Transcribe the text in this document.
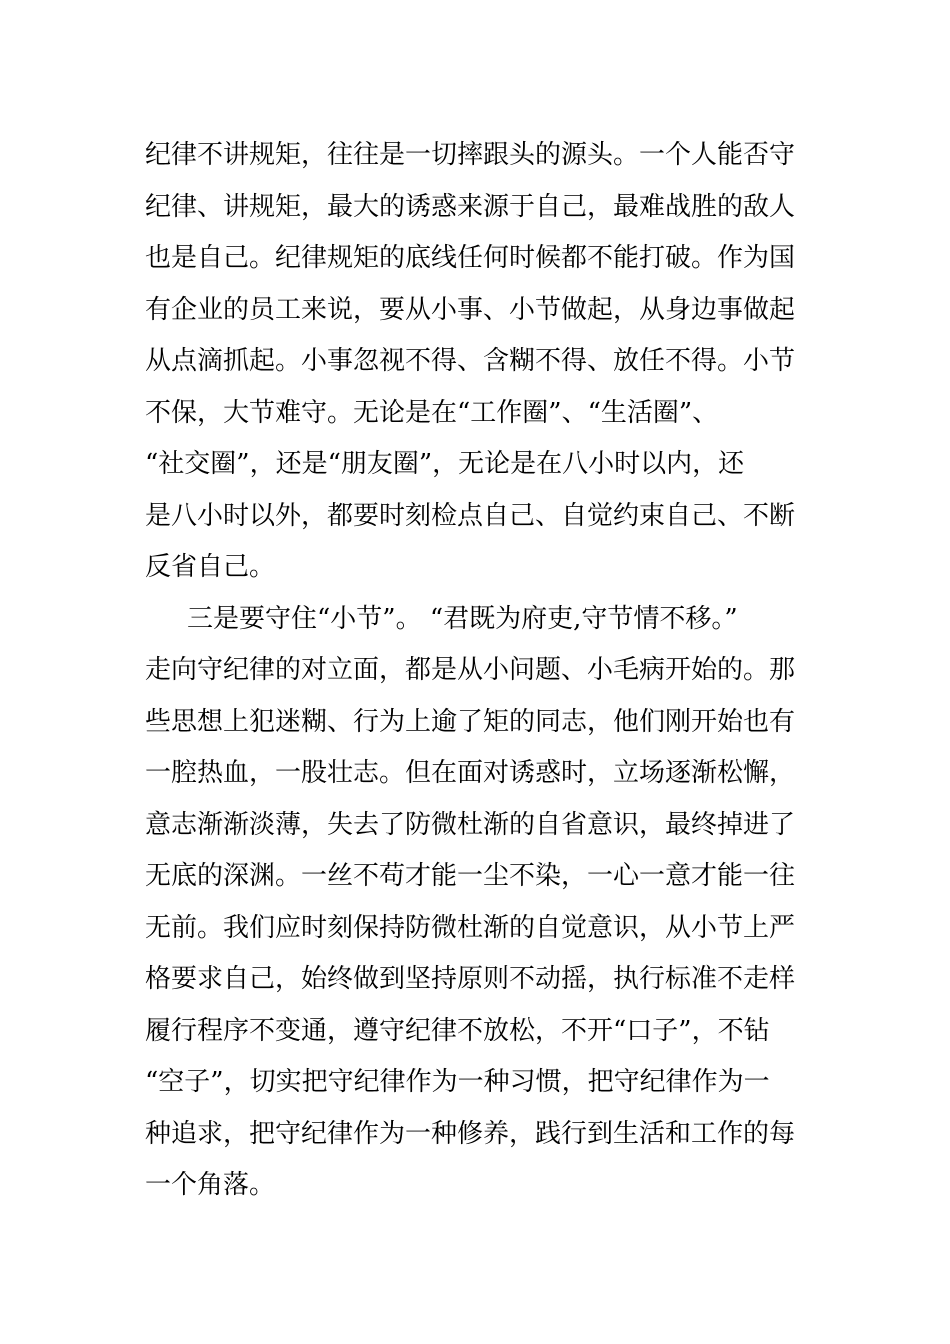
纪律不讲规矩，往往是一切摔跟头的源头。一个人能否守
纪律、讲规矩，最大的诱惑来源于自己，最难战胜的敌人
也是自己。纪律规矩的底线任何时候都不能打破。作为国
有企业的员工来说，要从小事、小节做起，从身边事做起
从点滴抓起。小事忽视不得、含糊不得、放任不得。小节
不保，大节难守。无论是在“工作圈”、“生活圈”、
“社交圈”，还是“朋友圈”，无论是在八小时以内，还
是八小时以外，都要时刻检点自己、自觉约束自己、不断
反省自己。
三是要守住“小节”。 “君既为府吏,守节情不移。”
走向守纪律的对立面，都是从小问题、小毛病开始的。那
些思想上犯迷糊、行为上逾了矩的同志，他们刚开始也有
一腔热血，一股壮志。但在面对诱惑时，立场逐渐松懈，
意志渐渐淡薄，失去了防微杜渐的自省意识，最终掉进了
无底的深渊。一丝不苟才能一尘不染，一心一意才能一往
无前。我们应时刻保持防微杜渐的自觉意识，从小节上严
格要求自己，始终做到坚持原则不动摇，执行标准不走样
履行程序不变通，遵守纪律不放松，不开“口子”，不钻
“空子”，切实把守纪律作为一种习惯，把守纪律作为一
种追求，把守纪律作为一种修养，践行到生活和工作的每
一个角落。
